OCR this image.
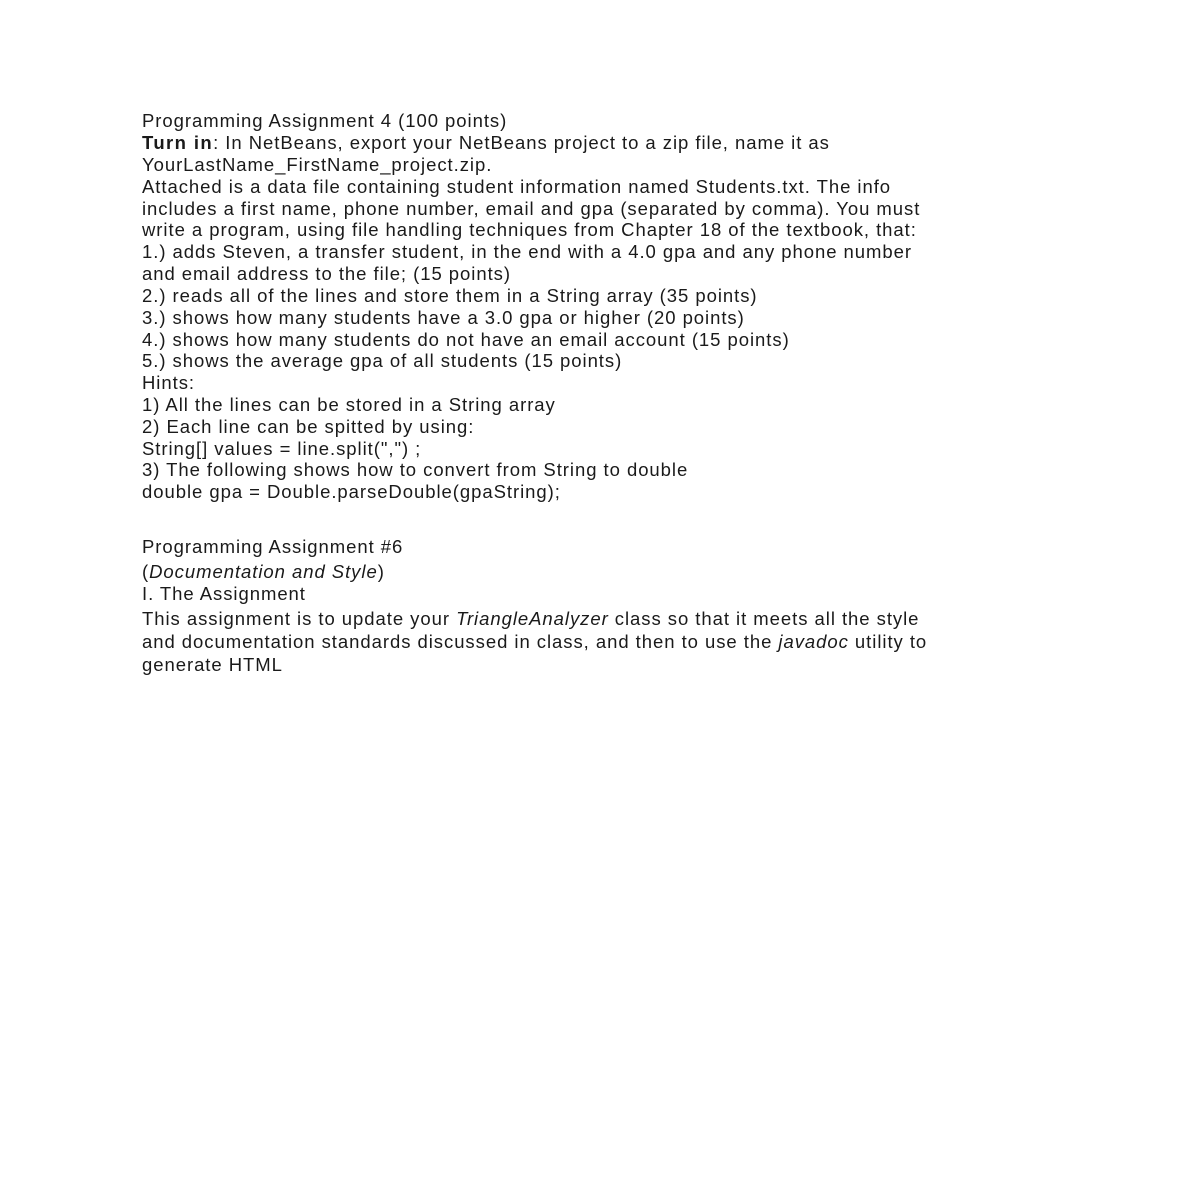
Programming Assignment 4 (100 points)
Turn in: In NetBeans, export your NetBeans project to a zip file, name it as
YourLastName_FirstName_project.zip.
Attached is a data file containing student information named Students.txt. The info
includes a first name, phone number, email and gpa (separated by comma). You must
write a program, using file handling techniques from Chapter 18 of the textbook, that:
1.) adds Steven, a transfer student, in the end with a 4.0 gpa and any phone number
and email address to the file; (15 points)
2.) reads all of the lines and store them in a String array (35 points)
3.) shows how many students have a 3.0 gpa or higher (20 points)
4.) shows how many students do not have an email account (15 points)
5.) shows the average gpa of all students (15 points)
Hints:
1) All the lines can be stored in a String array
2) Each line can be spitted by using:
String[] values = line.split(",") ;
3) The following shows how to convert from String to double
double gpa = Double.parseDouble(gpaString);
Programming Assignment #6
(Documentation and Style)
I. The Assignment
This assignment is to update your TriangleAnalyzer class so that it meets all the style
and documentation standards discussed in class, and then to use the javadoc utility to
generate HTML
